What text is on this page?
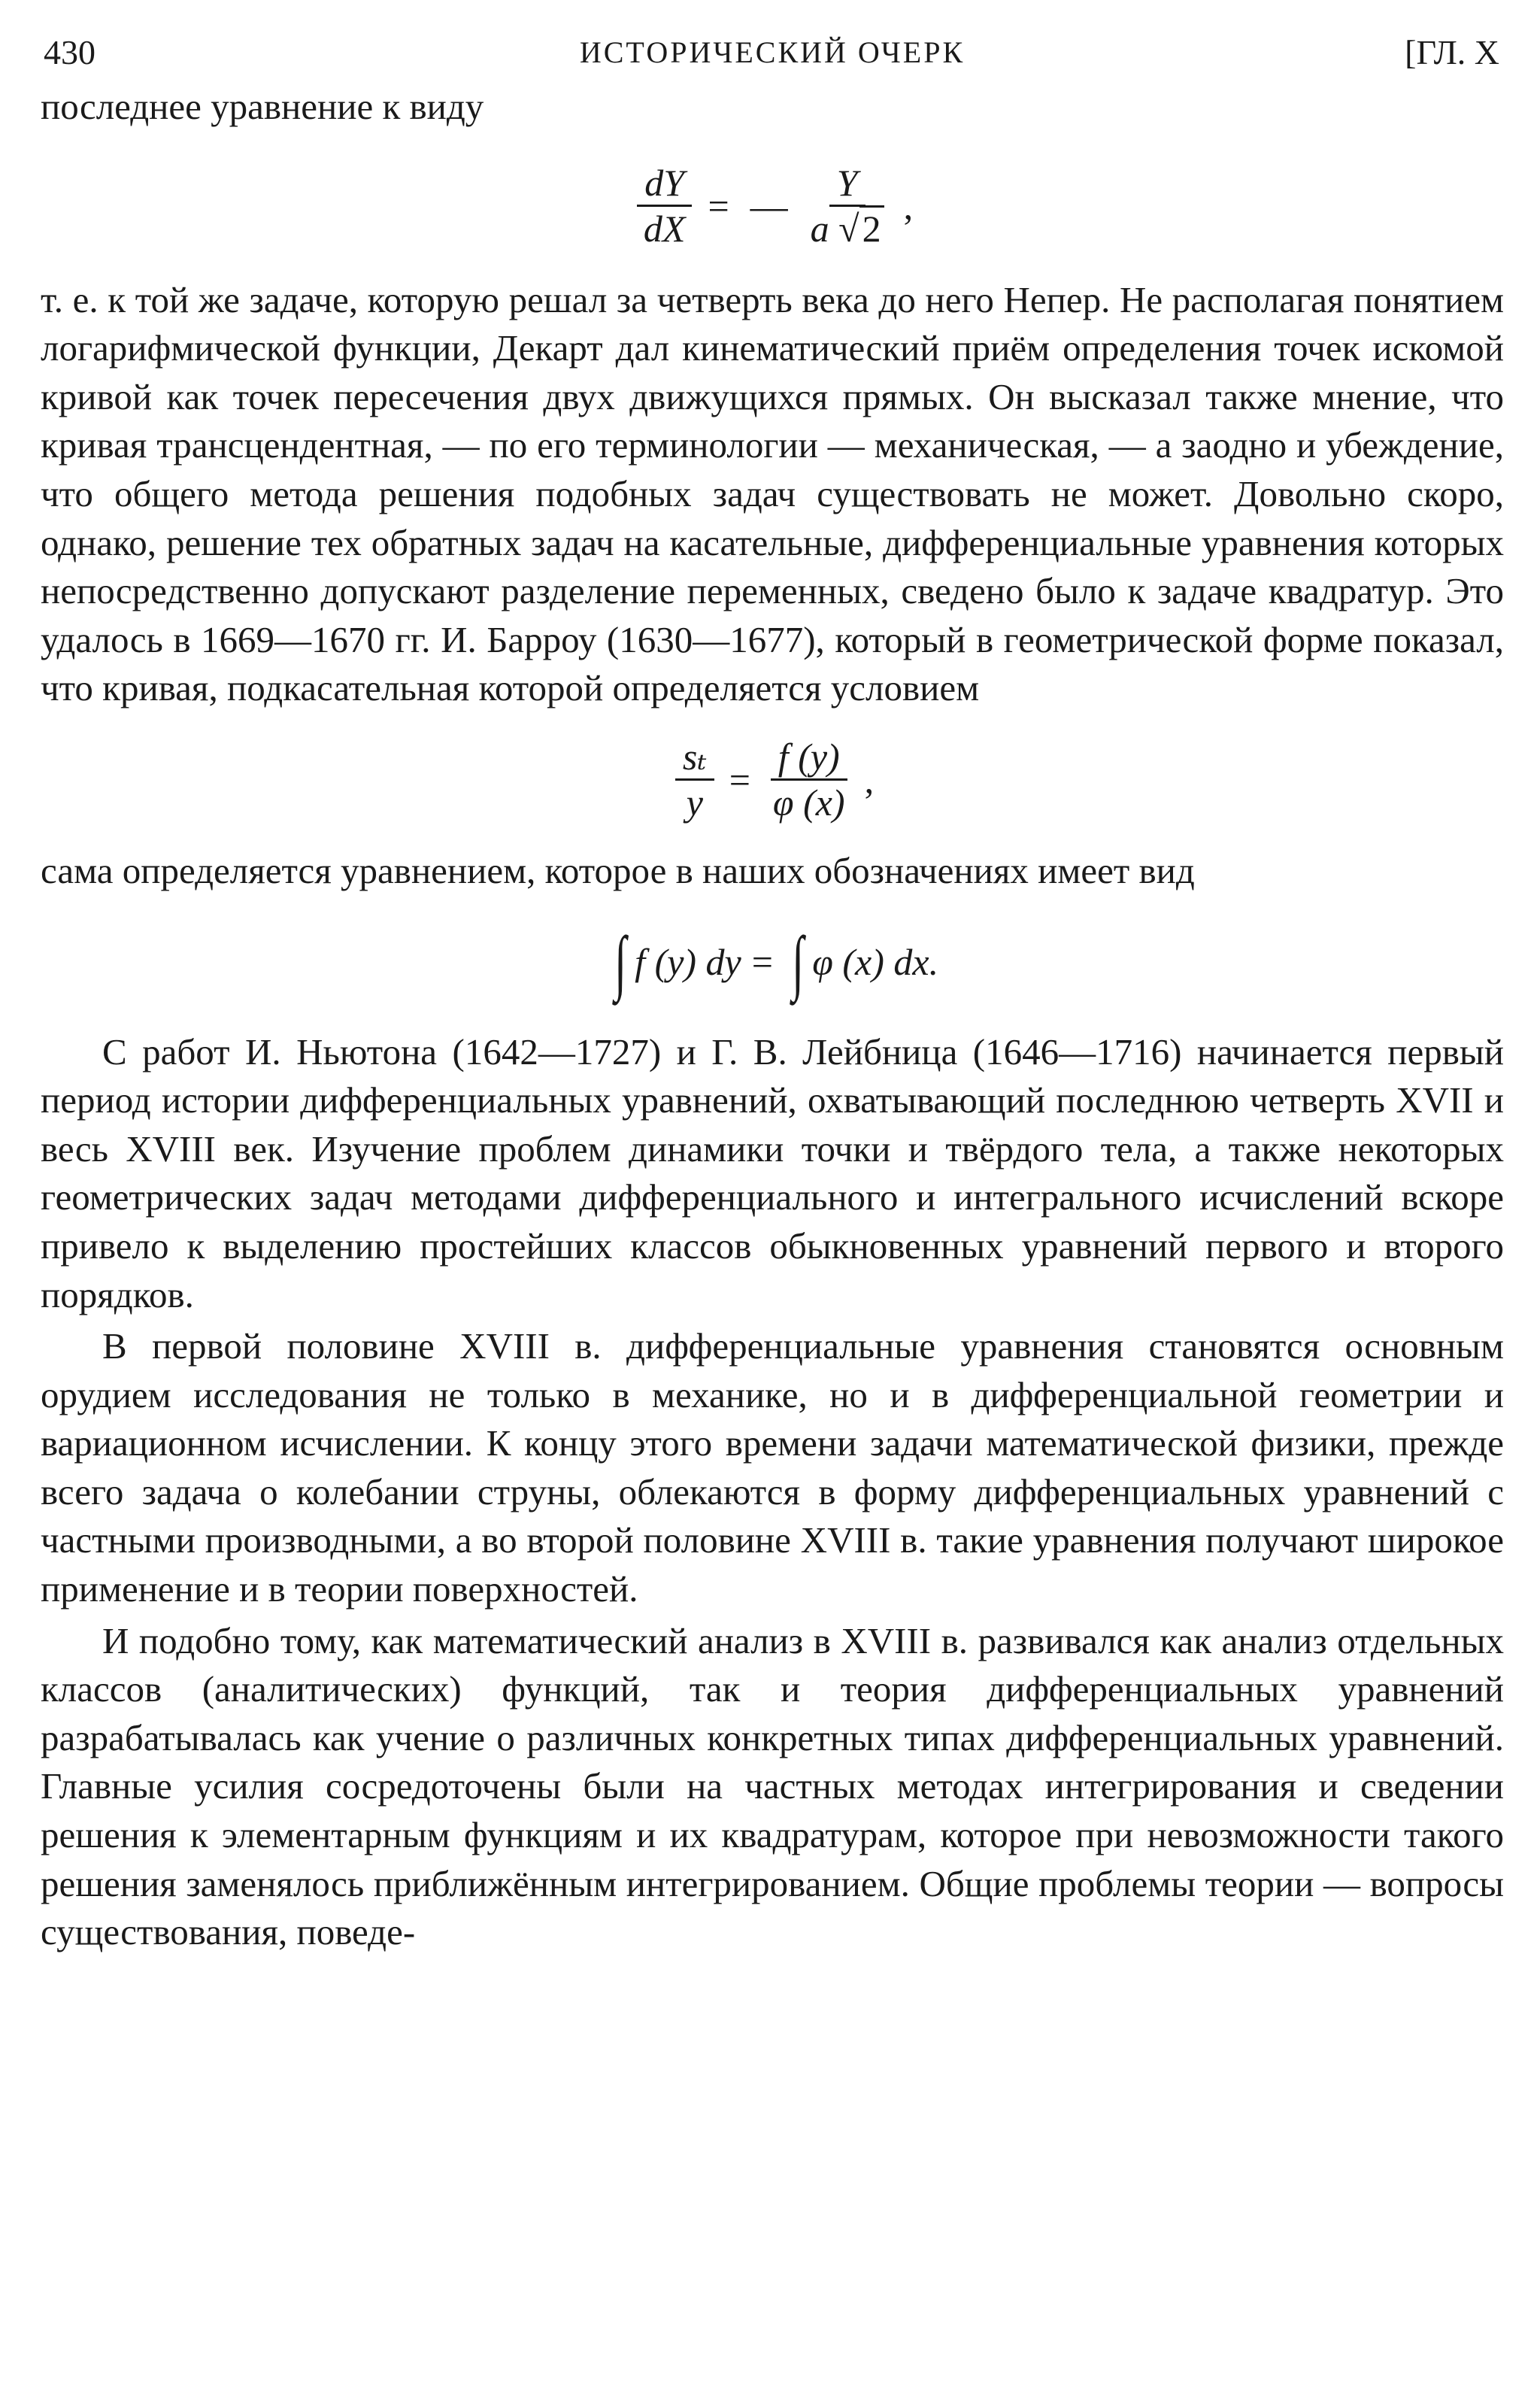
430	ИСТОРИЧЕСКИЙ ОЧЕРК	[ГЛ. X

последнее уравнение к виду

$\frac{dY}{dX}$ = — $\frac{Y}{a √2}$ ,

т. е. к той же задаче, которую решал за четверть века до него Непер. Не располагая понятием логарифмической функции, Декарт дал кинематический приём определения точек искомой кривой как точек пересечения двух движущихся прямых. Он высказал также мнение, что кривая трансцендентная, — по его терминологии — механическая, — а заодно и убеждение, что общего метода решения подобных задач существовать не может. Довольно скоро, однако, решение тех обратных задач на касательные, дифференциальные уравнения которых непосредственно допускают разделение переменных, сведено было к задаче квадратур. Это удалось в 1669—1670 гг. И. Барроу (1630—1677), который в геометрической форме показал, что кривая, подкасательная которой определяется условием

$\frac{\text{sₜ}}{y} = \frac{f (y)}{\varphi (x)}$ ,

сама определяется уравнением, которое в наших обозначениях имеет вид

∫ f (y) dy = ∫ φ (x) dx.

С работ И. Ньютона (1642—1727) и Г. В. Лейбница (1646—1716) начинается первый период истории дифференциальных уравнений, охватывающий последнюю четверть XVII и весь XVIII век. Изучение проблем динамики точки и твёрдого тела, а также некоторых геометрических задач методами дифференциального и интегрального исчислений вскоре привело к выделению простейших классов обыкновенных уравнений первого и второго порядков.

В первой половине XVIII в. дифференциальные уравнения становятся основным орудием исследования не только в механике, но и в дифференциальной геометрии и вариационном исчислении. К концу этого времени задачи математической физики, прежде всего задача о колебании струны, облекаются в форму дифференциальных уравнений с частными производными, а во второй половине XVIII в. такие уравнения получают широкое применение и в теории поверхностей.

И подобно тому, как математический анализ в XVIII в. развивался как анализ отдельных классов (аналитических) функций, так и теория дифференциальных уравнений разрабатывалась как учение о различных конкретных типах дифференциальных уравнений. Главные усилия сосредоточены были на частных методах интегрирования и сведении решения к элементарным функциям и их квадратурам, которое при невозможности такого решения заменялось приближённым интегрированием. Общие проблемы теории — вопросы существования, поведе-
